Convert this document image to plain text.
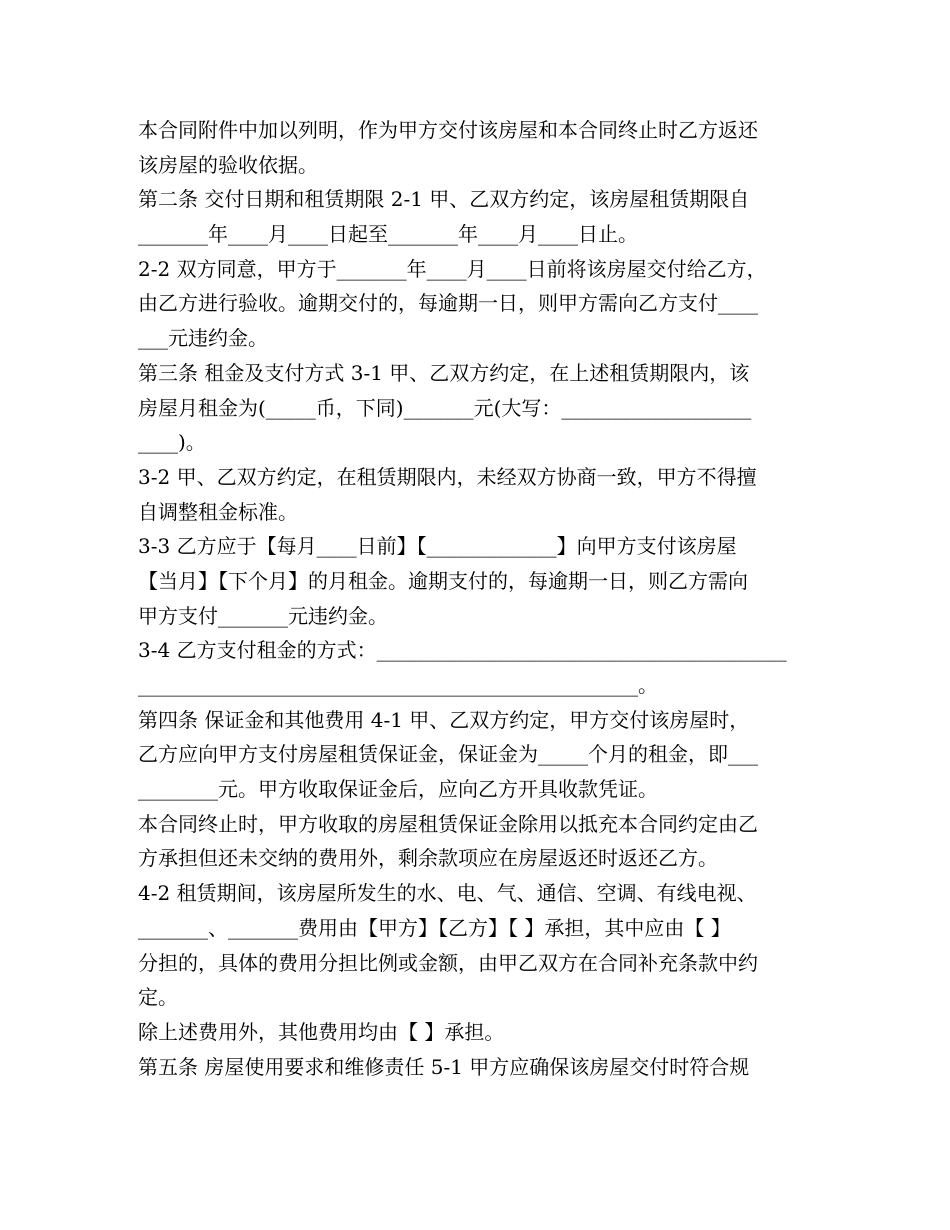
本合同附件中加以列明，作为甲方交付该房屋和本合同终止时乙方返还
该房屋的验收依据。
第二条 交付日期和租赁期限 2-1 甲、乙双方约定，该房屋租赁期限自
_______年____月____日起至_______年____月____日止。
2-2 双方同意，甲方于_______年____月____日前将该房屋交付给乙方，
由乙方进行验收。逾期交付的，每逾期一日，则甲方需向乙方支付____
___元违约金。
第三条 租金及支付方式 3-1 甲、乙双方约定，在上述租赁期限内，该
房屋月租金为(_____币，下同)_______元(大写：___________________
____)。
3-2 甲、乙双方约定，在租赁期限内，未经双方协商一致，甲方不得擅
自调整租金标准。
3-3 乙方应于【每月____日前】【_____________】向甲方支付该房屋
【当月】【下个月】的月租金。逾期支付的，每逾期一日，则乙方需向
甲方支付_______元违约金。
3-4 乙方支付租金的方式：_________________________________________
__________________________________________________。
第四条 保证金和其他费用 4-1 甲、乙双方约定，甲方交付该房屋时，
乙方应向甲方支付房屋租赁保证金，保证金为_____个月的租金，即___
________元。甲方收取保证金后，应向乙方开具收款凭证。
本合同终止时，甲方收取的房屋租赁保证金除用以抵充本合同约定由乙
方承担但还未交纳的费用外，剩余款项应在房屋返还时返还乙方。
4-2 租赁期间，该房屋所发生的水、电、气、通信、空调、有线电视、
_______、_______费用由【甲方】【乙方】【 】承担，其中应由【 】
分担的，具体的费用分担比例或金额，由甲乙双方在合同补充条款中约
定。
除上述费用外，其他费用均由【 】承担。
第五条 房屋使用要求和维修责任 5-1 甲方应确保该房屋交付时符合规
